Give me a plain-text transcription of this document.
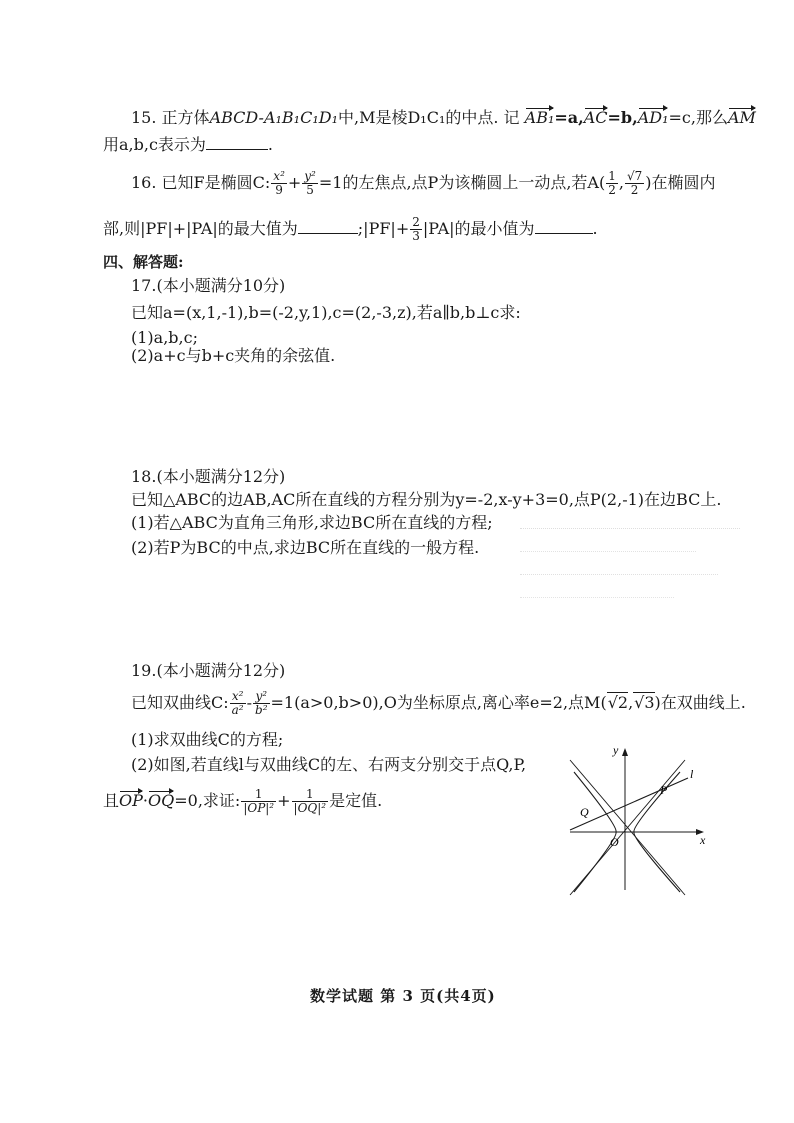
15. 正方体ABCD-A₁B₁C₁D₁中,M是棱D₁C₁的中点. 记 AB₁=a,AC=b,AD₁=c,那么AM
用a,b,c表示为	.
16. 已知F是椭圆C: $\frac{\text{x²}}{9} + \frac{\text{y²}}{5} =1$的左焦点,点P为该椭圆上一动点,若$A( \frac{1}{2}$ , $\frac{√7}{2}$ )在椭圆内
部,则|PF|+|PA|的最大值为	;|PF|+ $\frac{2}{3} |PA|$的最小值为	.
四、解答题:
17.(本小题满分10分)
已知a=(x,1,-1),b=(-2,y,1),c=(2,-3,z),若a∥b,b⊥c求:
(1)a,b,c;
(2)a+c与b+c夹角的余弦值.
18.(本小题满分12分)
已知△ABC的边AB,AC所在直线的方程分别为y=-2,x-y+3=0,点P(2,-1)在边BC上.
(1)若△ABC为直角三角形,求边BC所在直线的方程;
(2)若P为BC的中点,求边BC所在直线的一般方程.
19.(本小题满分12分)
已知双曲线C: $\frac{\text{x²}}{\text{a²}} - \frac{\text{y²}}{\text{b²}} =1(a>0,b>0),O$为坐标原点,离心率e=2,点M(√2,√3)在双曲线上.
(1)求双曲线C的方程;
(2)如图,若直线l与双曲线C的左、右两支分别交于点Q,P,
且OP·OQ=0,求证: $\frac{1}{\text{|OP|²}} + \frac{1}{\text{|OQ|²}}$ 是定值.
y
x
l
P
Q
O
数学试题 第 3 页(共4页)
